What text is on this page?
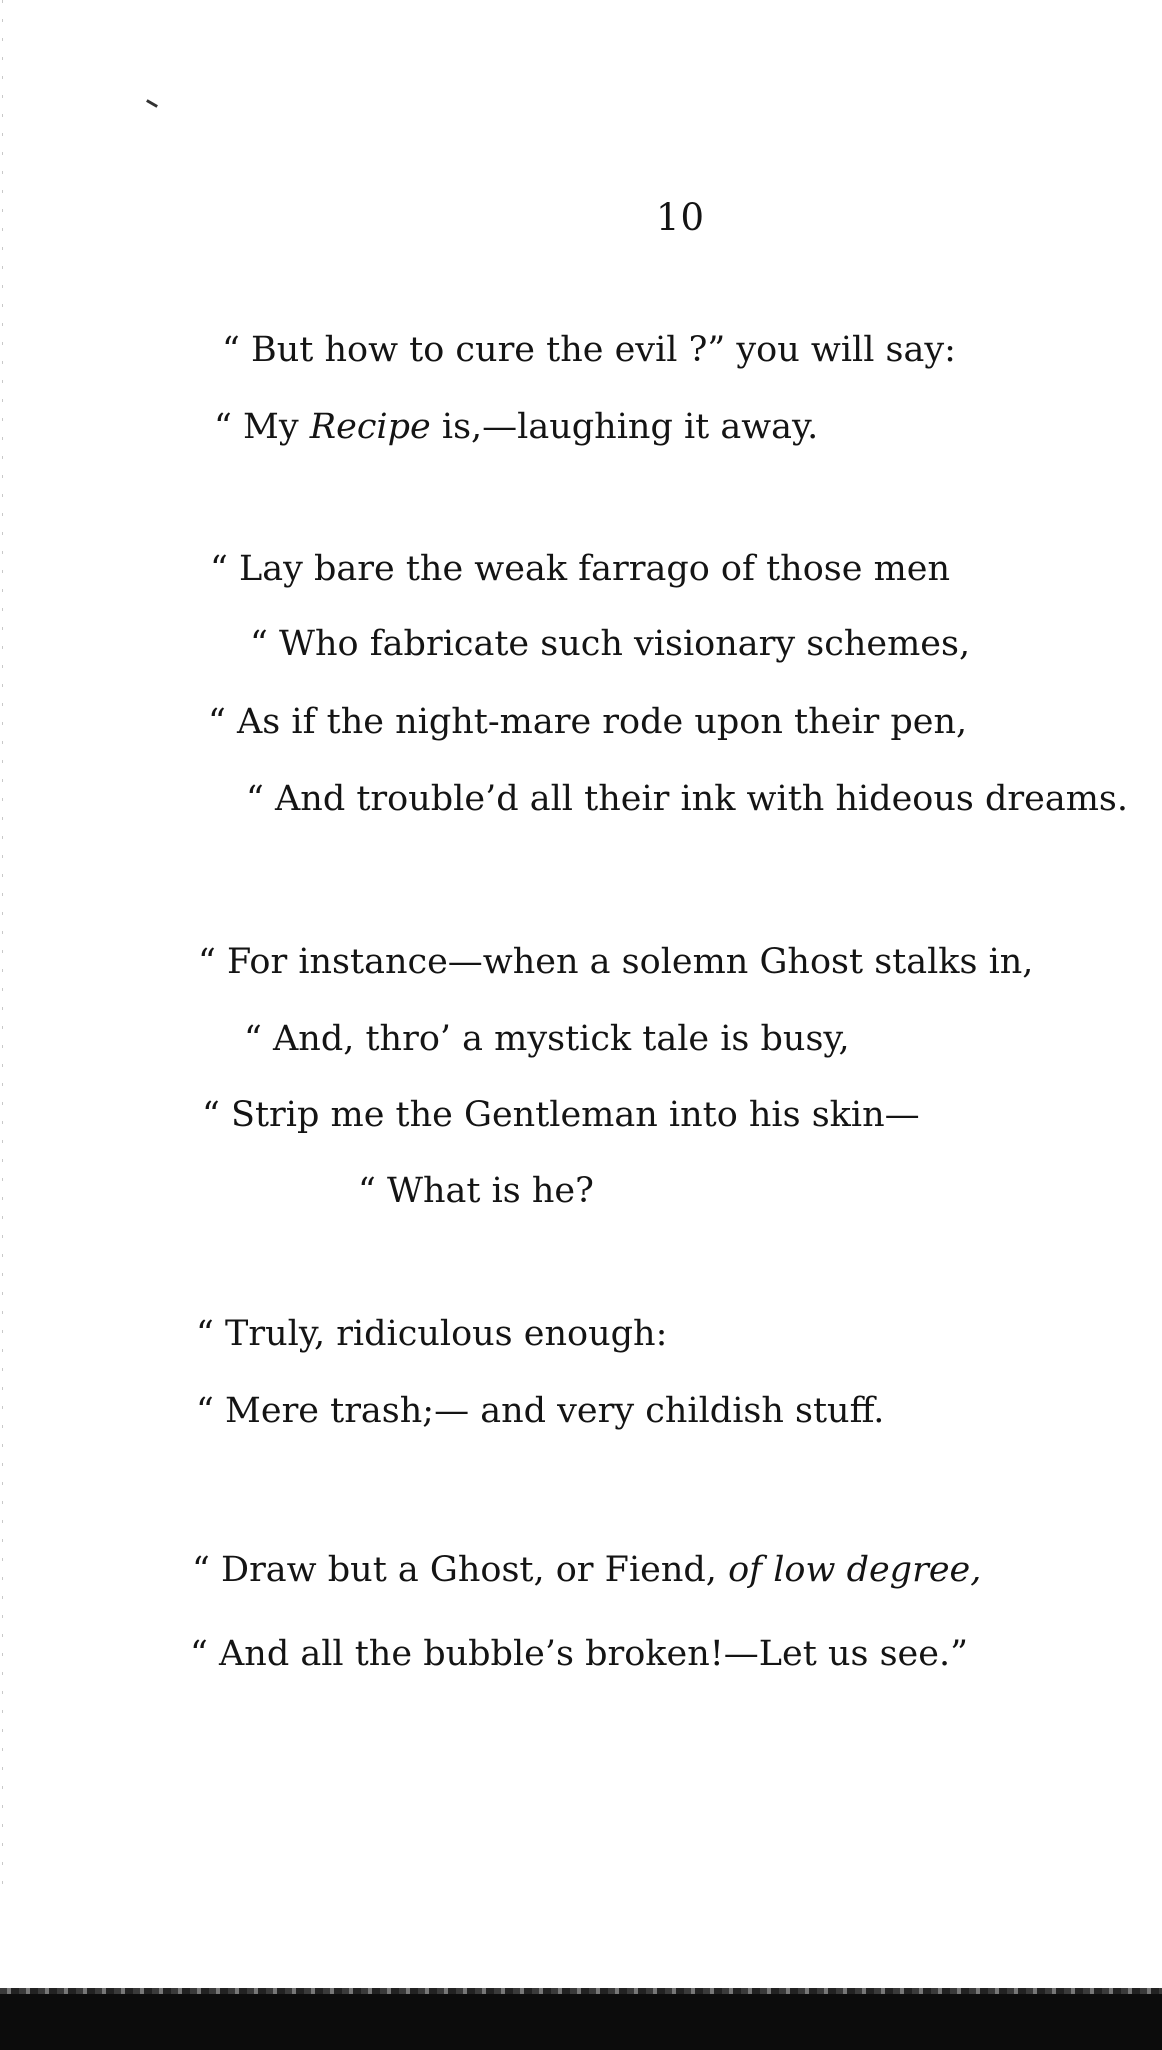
10
“ But how to cure the evil ?” you will say:
“ My Recipe is,—laughing it away.
“ Lay bare the weak farrago of those men
“ Who fabricate such visionary schemes,
“ As if the night-mare rode upon their pen,
“ And trouble’d all their ink with hideous dreams.
“ For instance—when a solemn Ghost stalks in,
“ And, thro’ a mystick tale is busy,
“ Strip me the Gentleman into his skin—
“ What is he?
“ Truly, ridiculous enough:
“ Mere trash;— and very childish stuff.
“ Draw but a Ghost, or Fiend, of low degree,
“ And all the bubble’s broken!—Let us see.”
